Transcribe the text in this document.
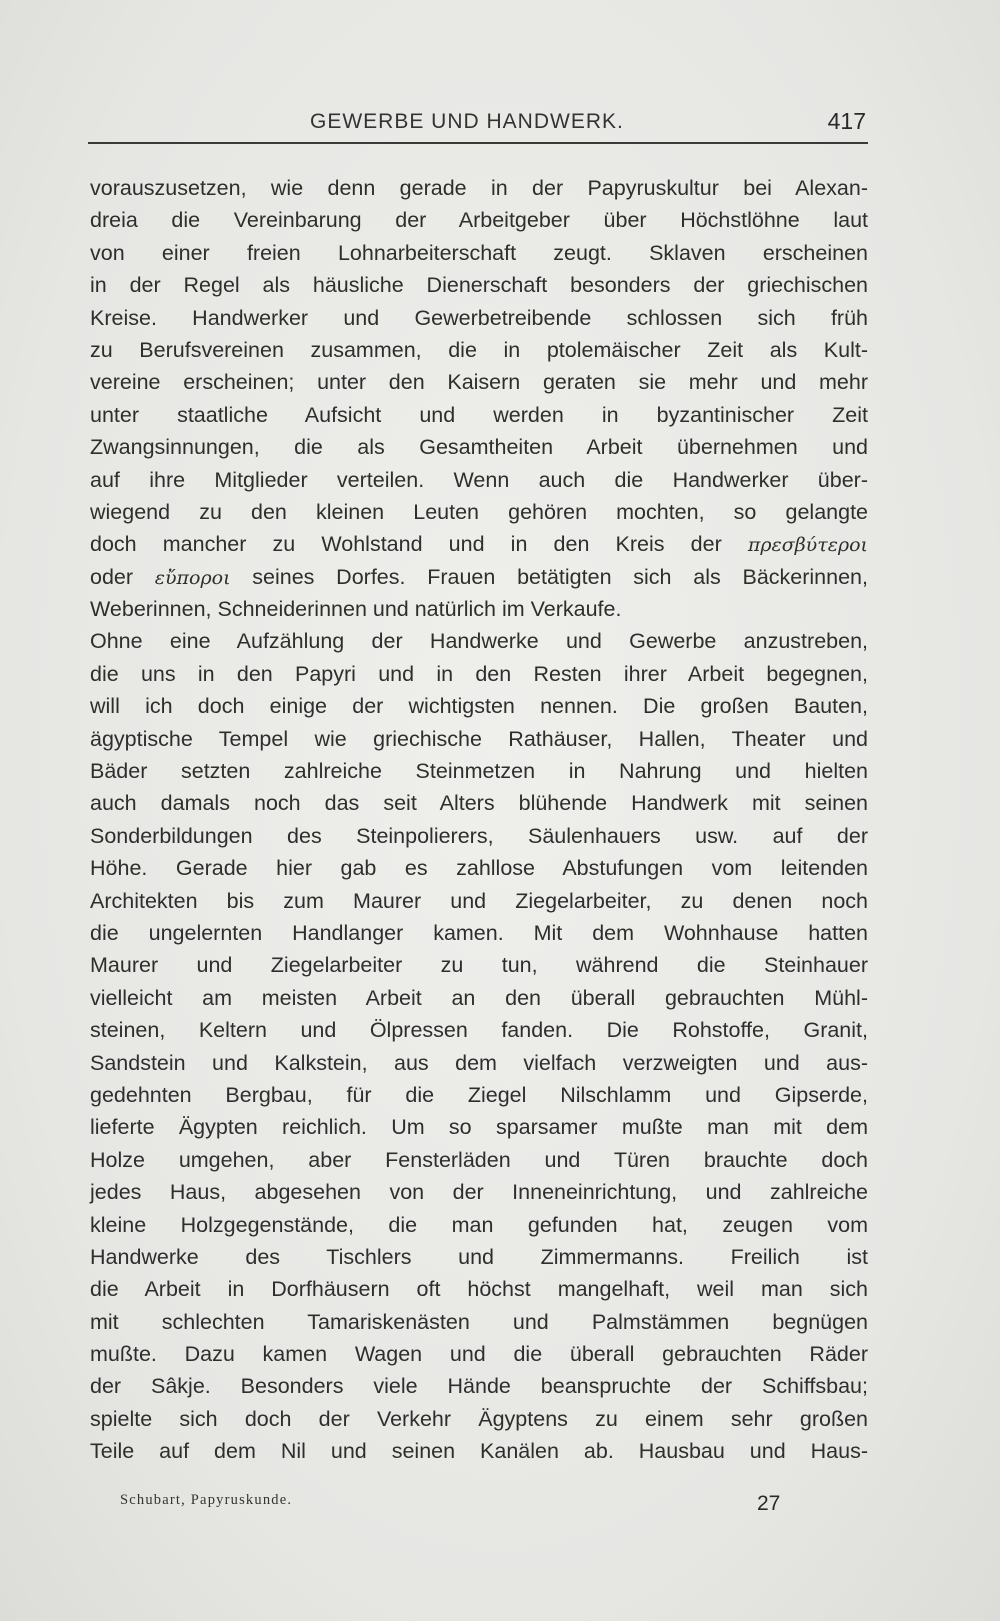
GEWERBE UND HANDWERK.	417
vorauszusetzen, wie denn gerade in der Papyruskultur bei Alexan-
dreia die Vereinbarung der Arbeitgeber über Höchstlöhne laut
von einer freien Lohnarbeiterschaft zeugt. Sklaven erscheinen
in der Regel als häusliche Dienerschaft besonders der griechischen
Kreise. Handwerker und Gewerbetreibende schlossen sich früh
zu Berufsvereinen zusammen, die in ptolemäischer Zeit als Kult-
vereine erscheinen; unter den Kaisern geraten sie mehr und mehr
unter staatliche Aufsicht und werden in byzantinischer Zeit
Zwangsinnungen, die als Gesamtheiten Arbeit übernehmen und
auf ihre Mitglieder verteilen. Wenn auch die Handwerker über-
wiegend zu den kleinen Leuten gehören mochten, so gelangte
doch mancher zu Wohlstand und in den Kreis der πρεσβύτεροι
oder εὔποροι seines Dorfes. Frauen betätigten sich als Bäckerinnen,
Weberinnen, Schneiderinnen und natürlich im Verkaufe.
Ohne eine Aufzählung der Handwerke und Gewerbe anzustreben,
die uns in den Papyri und in den Resten ihrer Arbeit begegnen,
will ich doch einige der wichtigsten nennen. Die großen Bauten,
ägyptische Tempel wie griechische Rathäuser, Hallen, Theater und
Bäder setzten zahlreiche Steinmetzen in Nahrung und hielten
auch damals noch das seit Alters blühende Handwerk mit seinen
Sonderbildungen des Steinpolierers, Säulenhauers usw. auf der
Höhe. Gerade hier gab es zahllose Abstufungen vom leitenden
Architekten bis zum Maurer und Ziegelarbeiter, zu denen noch
die ungelernten Handlanger kamen. Mit dem Wohnhause hatten
Maurer und Ziegelarbeiter zu tun, während die Steinhauer
vielleicht am meisten Arbeit an den überall gebrauchten Mühl-
steinen, Keltern und Ölpressen fanden. Die Rohstoffe, Granit,
Sandstein und Kalkstein, aus dem vielfach verzweigten und aus-
gedehnten Bergbau, für die Ziegel Nilschlamm und Gipserde,
lieferte Ägypten reichlich. Um so sparsamer mußte man mit dem
Holze umgehen, aber Fensterläden und Türen brauchte doch
jedes Haus, abgesehen von der Inneneinrichtung, und zahlreiche
kleine Holzgegenstände, die man gefunden hat, zeugen vom
Handwerke des Tischlers und Zimmermanns. Freilich ist
die Arbeit in Dorfhäusern oft höchst mangelhaft, weil man sich
mit schlechten Tamariskenästen und Palmstämmen begnügen
mußte. Dazu kamen Wagen und die überall gebrauchten Räder
der Sâkje. Besonders viele Hände beanspruchte der Schiffsbau;
spielte sich doch der Verkehr Ägyptens zu einem sehr großen
Teile auf dem Nil und seinen Kanälen ab. Hausbau und Haus-
Schubart, Papyruskunde.	27
